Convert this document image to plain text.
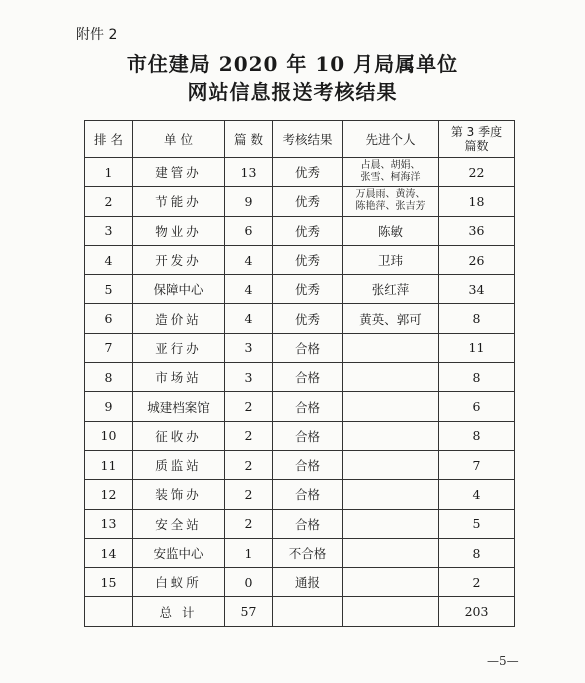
附件 2
市住建局 2020 年 10 月局属单位
网站信息报送考核结果
排 名	单 位	篇 数	考核结果	先进个人	第 3 季度
篇数

1	建管办	13	优秀	占晨、胡娟、
张雪、柯海洋	22
2	节能办	9	优秀	万晨雨、黄涛、
陈艳萍、张吉芳	18
3	物业办	6	优秀	陈敏	36
4	开发办	4	优秀	卫玮	26
5	保障中心	4	优秀	张红萍	34
6	造价站	4	优秀	黄英、郭可	8
7	亚行办	3	合格		11
8	市场站	3	合格		8
9	城建档案馆	2	合格		6
10	征收办	2	合格		8
11	质监站	2	合格		7
12	装饰办	2	合格		4
13	安全站	2	合格		5
14	安监中心	1	不合格		8
15	白蚁所	0	通报		2
	总 计	57			203
—5—
